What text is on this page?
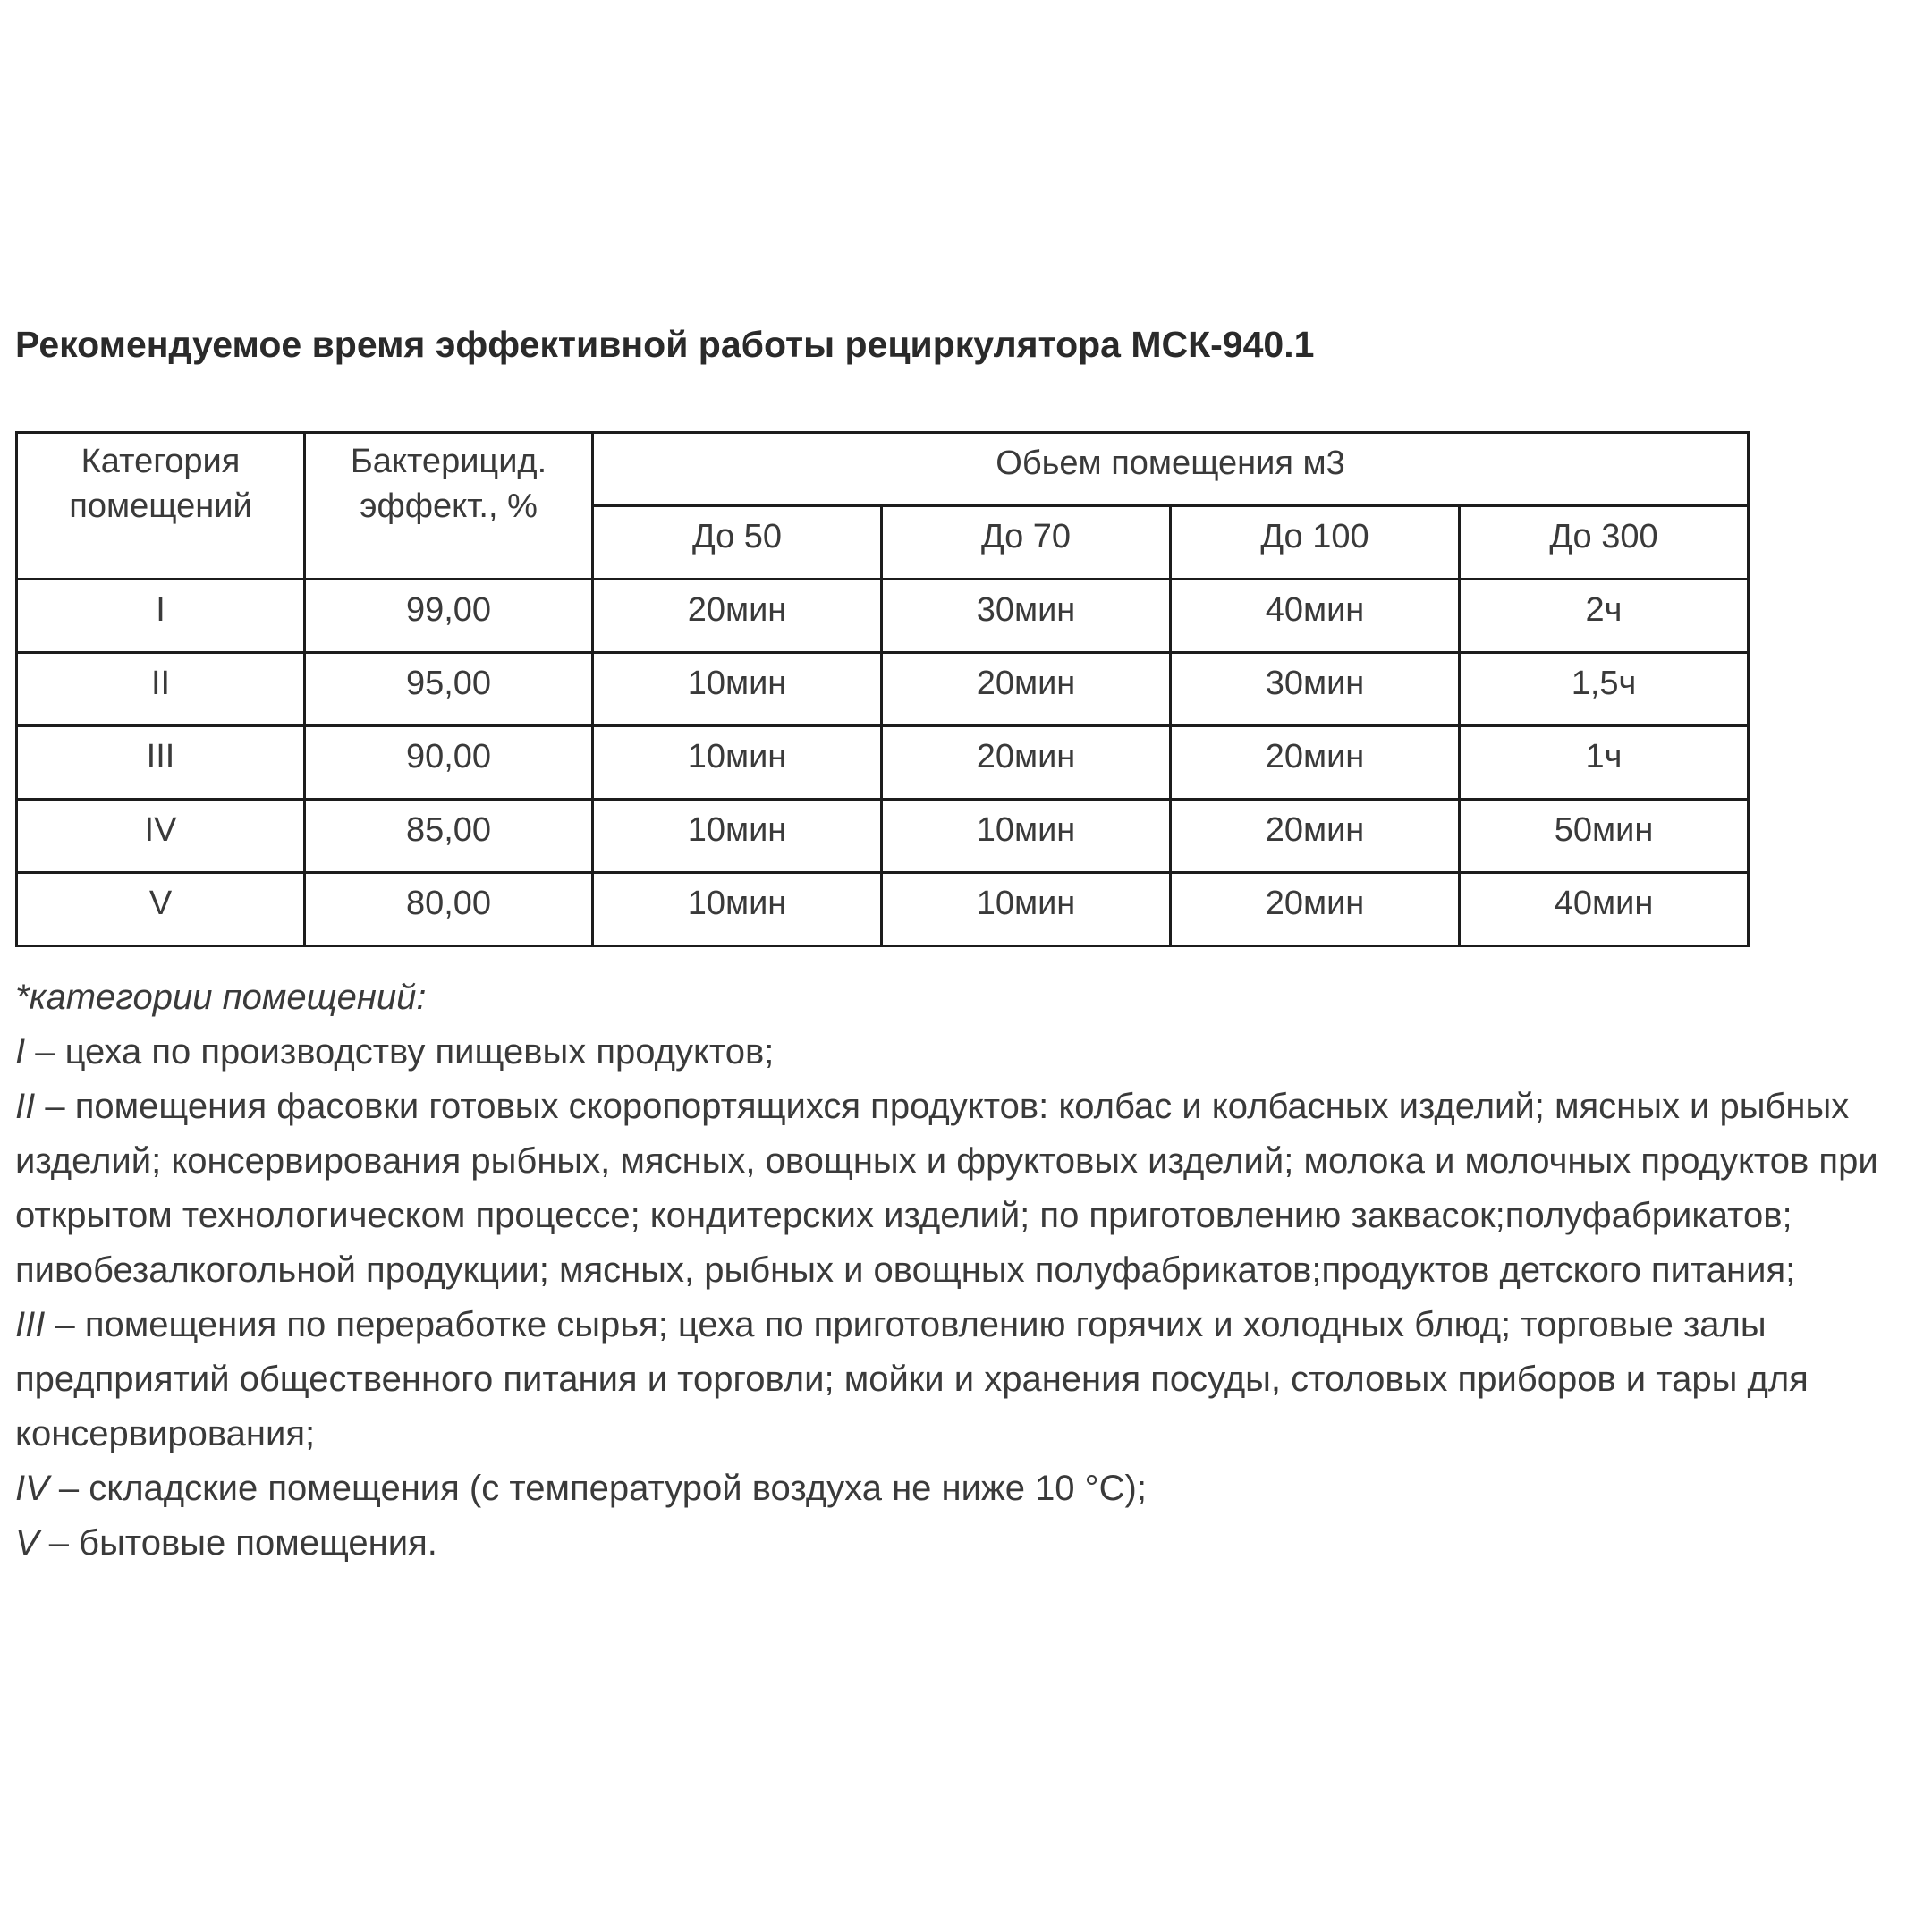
Рекомендуемое время эффективной работы рециркулятора МСК-940.1
Категория помещений	Бактерицид. эффект., %	Обьем помещения м3			
		До 50	До 70	До 100	До 300
I	99,00	20мин	30мин	40мин	2ч
II	95,00	10мин	20мин	30мин	1,5ч
III	90,00	10мин	20мин	20мин	1ч
IV	85,00	10мин	10мин	20мин	50мин
V	80,00	10мин	10мин	20мин	40мин

*категории помещений:

I – цеха по производству пищевых продуктов;

II – помещения фасовки готовых скоропортящихся продуктов: колбас и колбасных изделий; мясных и рыбных изделий; консервирования рыбных, мясных, овощных и фруктовых изделий; молока и молочных продуктов при открытом технологическом процессе; кондитерских изделий; по приготовлению заквасок;полуфабрикатов; пивобезалкогольной продукции; мясных, рыбных и овощных полуфабрикатов;продуктов детского питания;

III – помещения по переработке сырья; цеха по приготовлению горячих и холодных блюд; торговые залы предприятий общественного питания и торговли; мойки и хранения посуды, столовых приборов и тары для консервирования;

IV – складские помещения (с температурой воздуха не ниже 10 °С);

V – бытовые помещения.
